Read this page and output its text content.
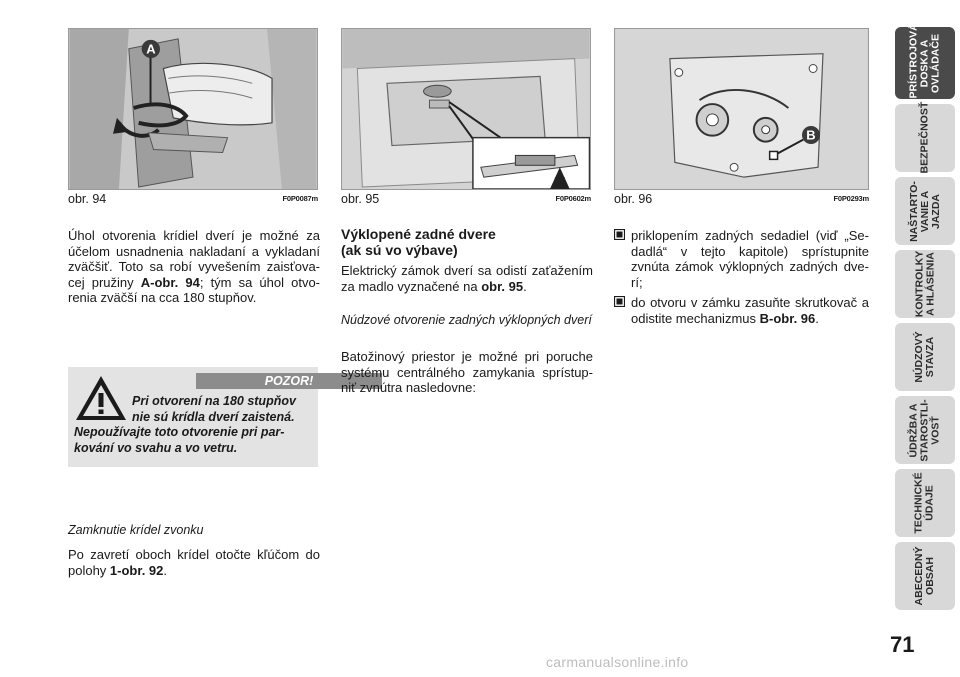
A
B
obr. 94	F0P0087m obr. 95	F0P0602m obr. 96	F0P0293m

Úhol otvorenia krídiel dverí je možné za účelom usnadnenia nakladaní a vykladaní zväčšiť. Toto sa robí vyvešením zaisťova-cej pružiny A-obr. 94; tým sa úhol otvo-renia zväčší na cca 180 stupňov.

POZOR!
Pri otvorení na 180 stupňov
nie sú krídla dverí zaistená.
Nepoužívajte toto otvorenie pri par-kování vo svahu a vo vetru.
Zamknutie krídel zvonku

Po zavretí oboch krídel otočte kľúčom do polohy 1-obr. 92.

Výklopené zadné dvere
(ak sú vo výbave)

Elektrický zámok dverí sa odistí zaťažením za madlo vyznačené na obr. 95.

Núdzové otvorenie zadných výklopných dverí

Batožinový priestor je možné pri poruche systému centrálného zamykania sprístup-niť zvnútra nasledovne:

priklopením zadných sedadiel (viď „Se-dadlá“ v tejto kapitole) sprístupnite zvnúta zámok výklopných zadných dve-rí;
do otvoru v zámku zasuňte skrutkovač a odistite mechanizmus B-obr. 96.
PRÍSTROJOVÁ
DOSKA A
OVLÁDAČE
BEZPEČNOSŤ
NAŠTARTO-
VANIE A
JAZDA
KONTROLKY
A HLÁSENIA
NÚDZOVÝ
STAVZA
ÚDRŽBA A
STAROSTLI-
VOSŤ
TECHNICKÉ
ÚDAJE
ABECEDNÝ
OBSAH
71
carmanualsonline.info
